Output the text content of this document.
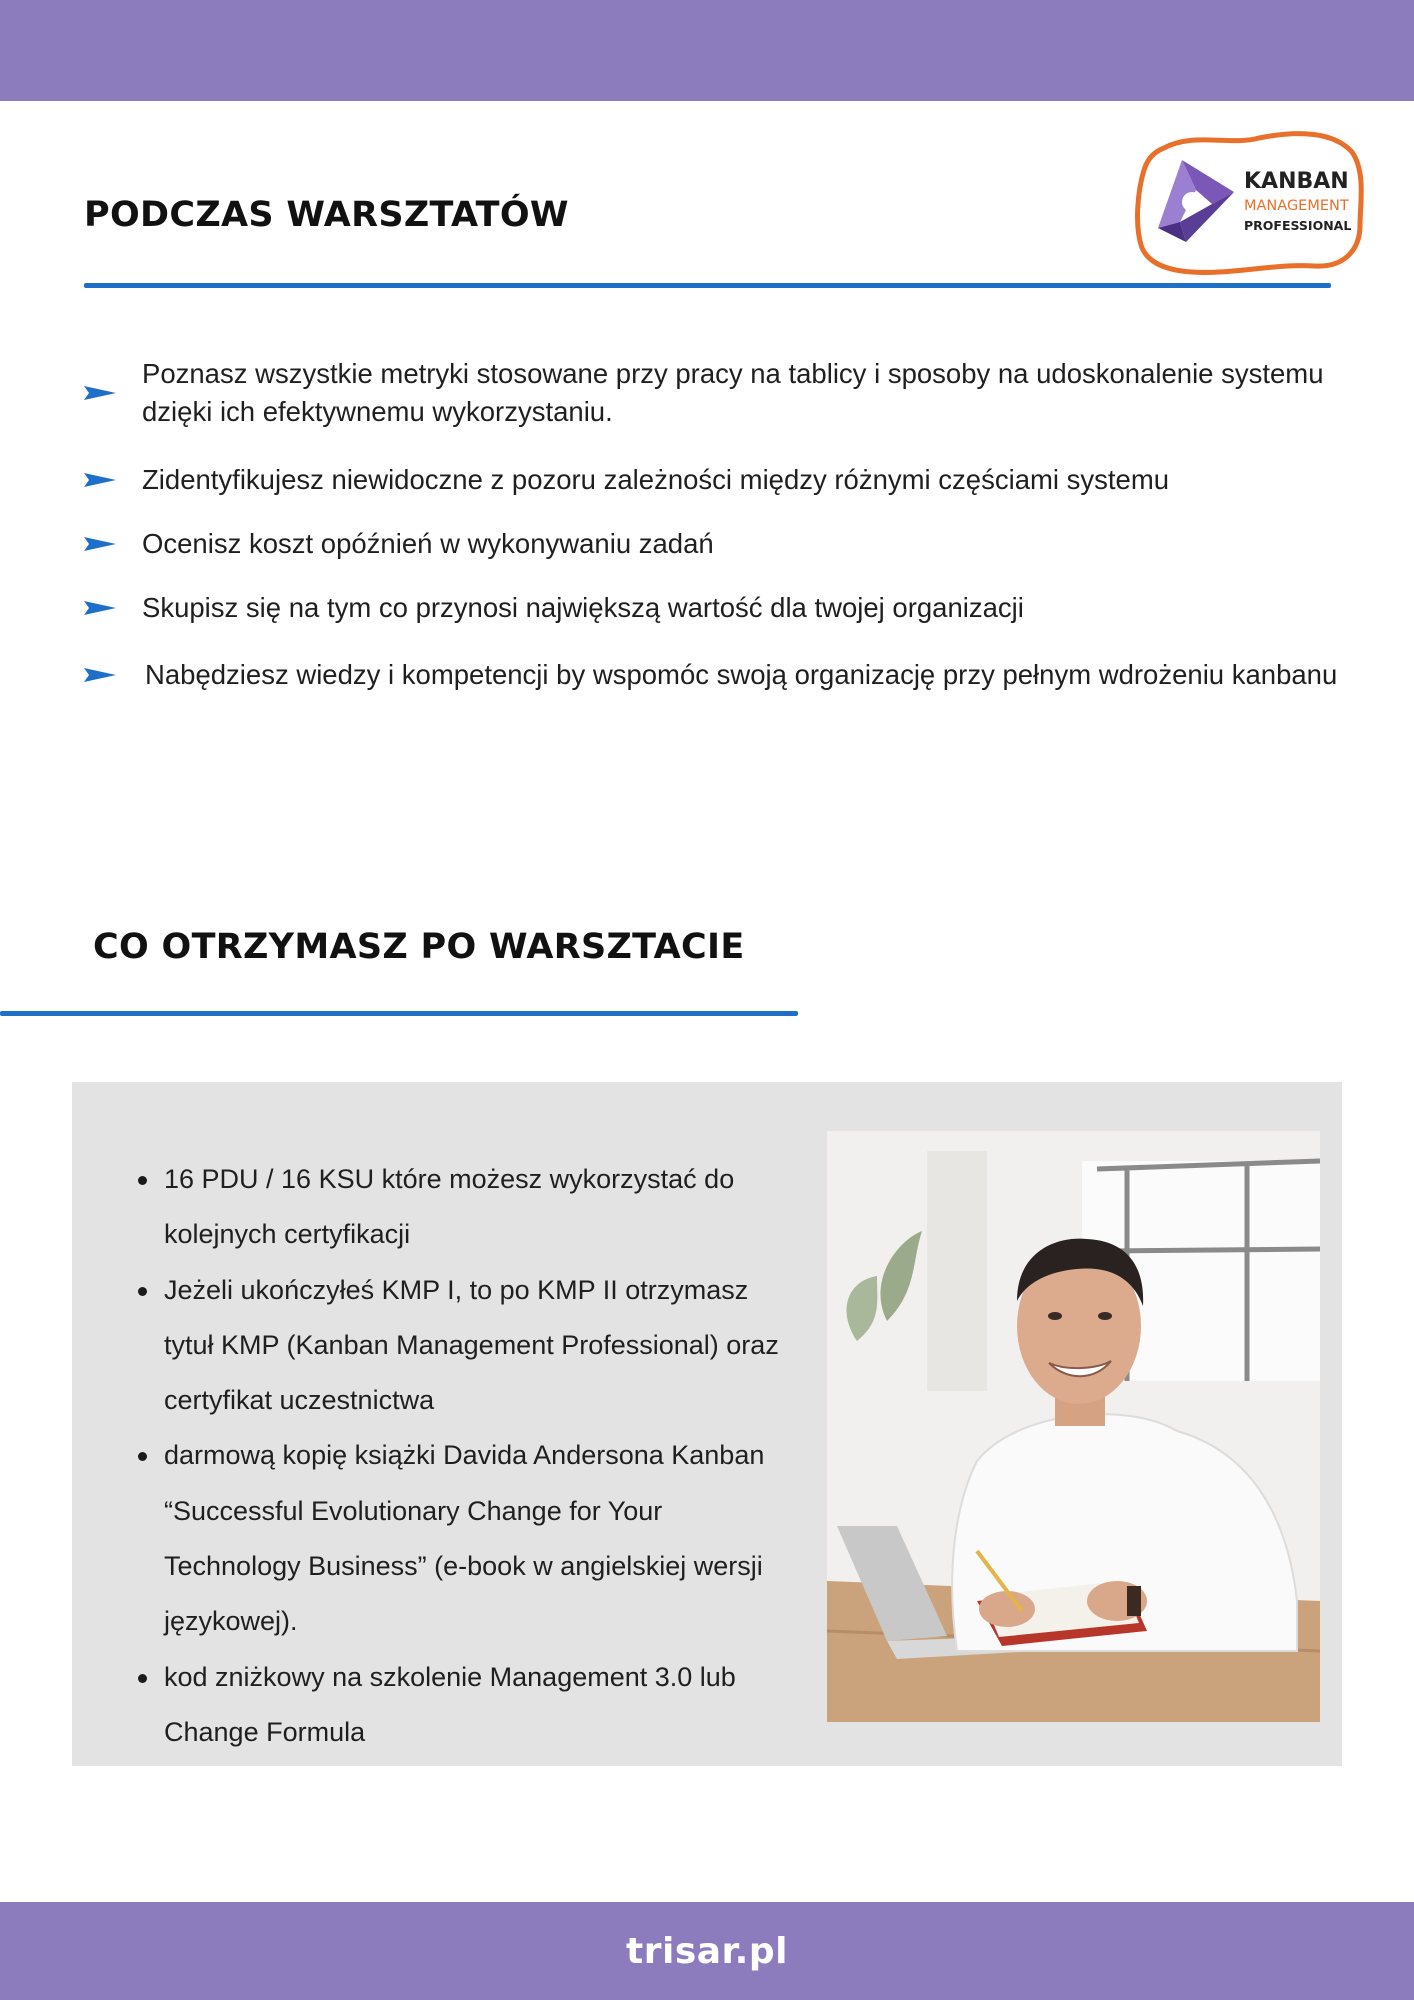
PODCZAS WARSZTATÓW
KANBAN
MANAGEMENT
PROFESSIONAL
Poznasz wszystkie metryki stosowane przy pracy na tablicy i sposoby na udoskonalenie systemu dzięki ich efektywnemu wykorzystaniu.
Zidentyfikujesz niewidoczne z pozoru zależności między różnymi częściami systemu
Ocenisz koszt opóźnień w wykonywaniu zadań
Skupisz się na tym co przynosi największą wartość dla twojej organizacji
Nabędziesz wiedzy i kompetencji by wspomóc swoją organizację przy pełnym wdrożeniu kanbanu
CO OTRZYMASZ PO WARSZTACIE
16 PDU / 16 KSU które możesz wykorzystać do kolejnych certyfikacji
Jeżeli ukończyłeś KMP I, to po KMP II otrzymasz tytuł KMP (Kanban Management Professional) oraz certyfikat uczestnictwa
darmową kopię książki Davida Andersona Kanban “Successful Evolutionary Change for Your Technology Business” (e-book w angielskiej wersji językowej).
kod zniżkowy na szkolenie Management 3.0 lub Change Formula
trisar.pl
